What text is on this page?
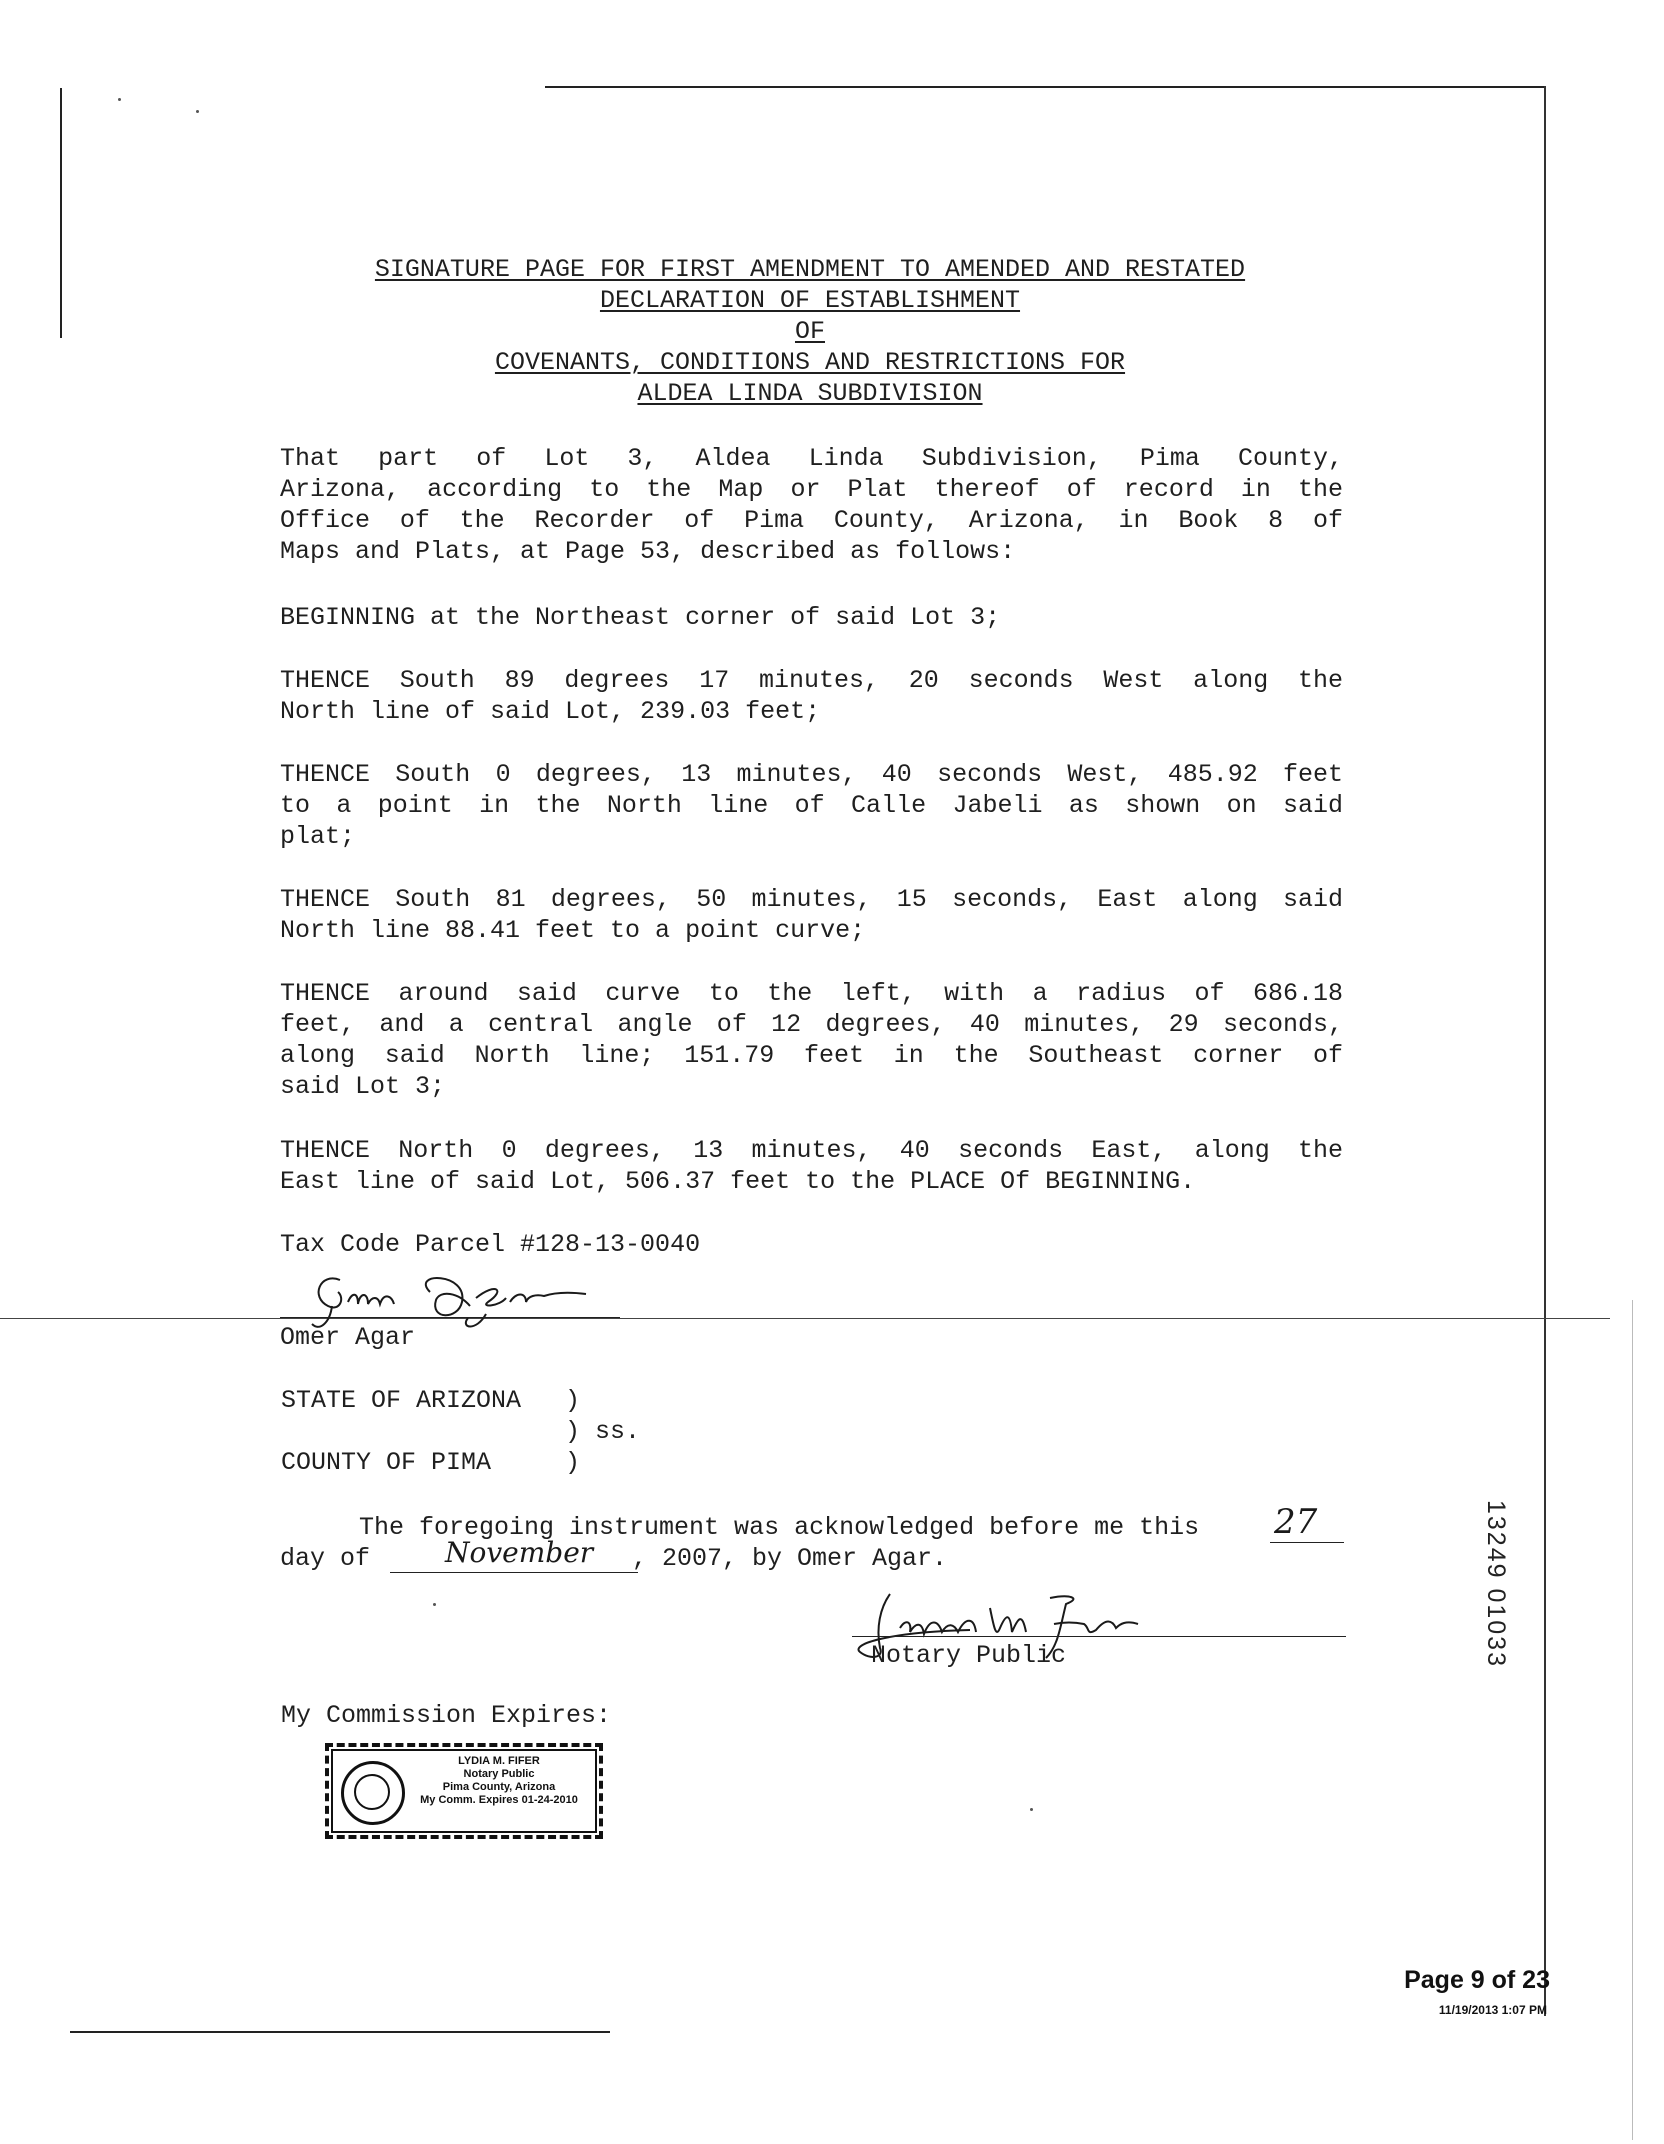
SIGNATURE PAGE FOR FIRST AMENDMENT TO AMENDED AND RESTATED
DECLARATION OF ESTABLISHMENT
OF
COVENANTS, CONDITIONS AND RESTRICTIONS FOR
ALDEA LINDA SUBDIVISION
That part of Lot 3, Aldea Linda Subdivision, Pima County,
Arizona, according to the Map or Plat thereof of record in the
Office of the Recorder of Pima County, Arizona, in Book 8 of
Maps and Plats, at Page 53, described as follows:
BEGINNING at the Northeast corner of said Lot 3;
THENCE South 89 degrees 17 minutes, 20 seconds West along the
North line of said Lot, 239.03 feet;
THENCE South 0 degrees, 13 minutes, 40 seconds West, 485.92 feet
to a point in the North line of Calle Jabeli as shown on said
plat;
THENCE South 81 degrees, 50 minutes, 15 seconds, East along said
North line 88.41 feet to a point curve;
THENCE around said curve to the left, with a radius of 686.18
feet, and a central angle of 12 degrees, 40 minutes, 29 seconds,
along said North line; 151.79 feet in the Southeast corner of
said Lot 3;
THENCE North 0 degrees, 13 minutes, 40 seconds East, along the
East line of said Lot, 506.37 feet to the PLACE Of BEGINNING.
Tax Code Parcel #128-13-0040
Omer Agar
STATE OF ARIZONA )
) ss.
COUNTY OF PIMA	)
The foregoing instrument was acknowledged before me this 27
day of	November , 2007, by Omer Agar.
Notary Public
My Commission Expires:
LYDIA M. FIFER
Notary Public
Pima County, Arizona
My Comm. Expires 01-24-2010
13249 01033
Page 9 of 23
11/19/2013 1:07 PM
